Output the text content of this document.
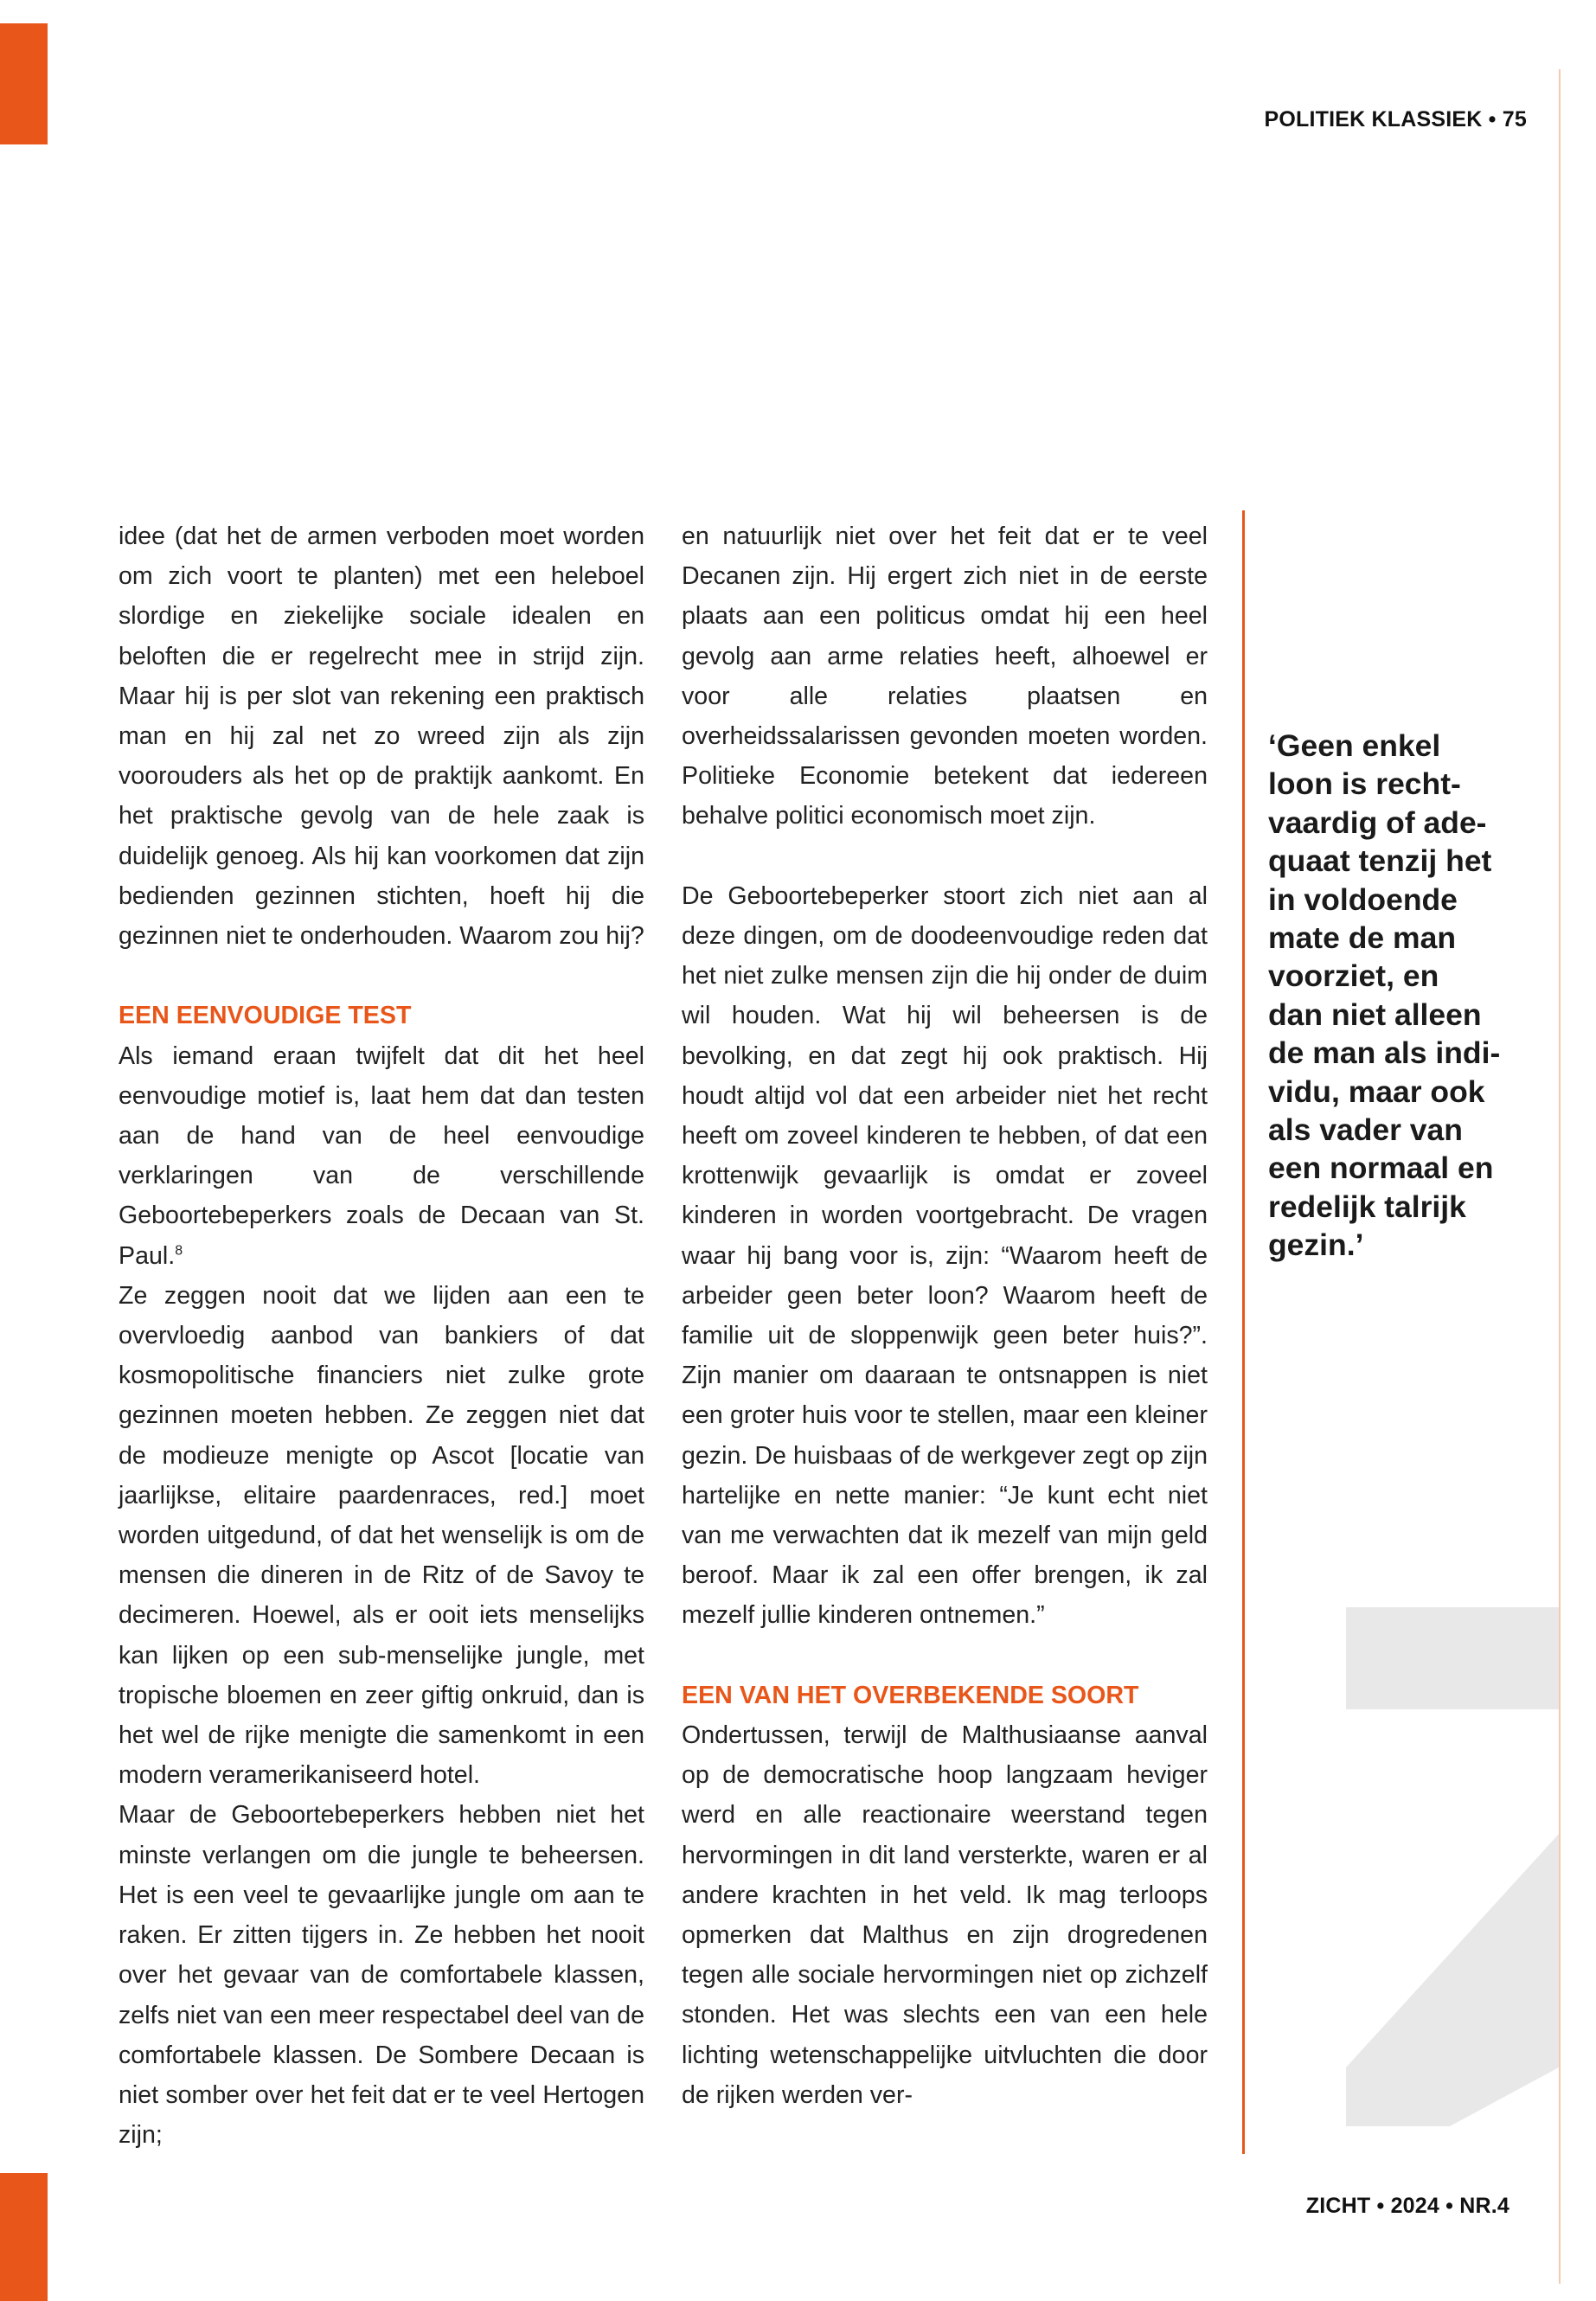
POLITIEK KLASSIEK • 75

idee (dat het de armen verboden moet worden om zich voort te planten) met een heleboel slordige en ziekelijke sociale idealen en beloften die er regelrecht mee in strijd zijn. Maar hij is per slot van rekening een praktisch man en hij zal net zo wreed zijn als zijn voorouders als het op de praktijk aankomt. En het praktische gevolg van de hele zaak is duidelijk genoeg. Als hij kan voorkomen dat zijn bedienden gezinnen stichten, hoeft hij die gezinnen niet te onderhouden. Waarom zou hij?

EEN EENVOUDIGE TEST

Als iemand eraan twijfelt dat dit het heel eenvoudige motief is, laat hem dat dan testen aan de hand van de heel eenvoudige verklaringen van de verschillende Geboortebeperkers zoals de Decaan van St. Paul.$^8$

Ze zeggen nooit dat we lijden aan een te overvloedig aanbod van bankiers of dat kosmopolitische financiers niet zulke grote gezinnen moeten hebben. Ze zeggen niet dat de modieuze menigte op Ascot [locatie van jaarlijkse, elitaire paardenraces, red.] moet worden uitgedund, of dat het wenselijk is om de mensen die dineren in de Ritz of de Savoy te decimeren. Hoewel, als er ooit iets menselijks kan lijken op een sub-menselijke jungle, met tropische bloemen en zeer giftig onkruid, dan is het wel de rijke menigte die samenkomt in een modern veramerikaniseerd hotel.

Maar de Geboortebeperkers hebben niet het minste verlangen om die jungle te beheersen. Het is een veel te gevaarlijke jungle om aan te raken. Er zitten tijgers in. Ze hebben het nooit over het gevaar van de comfortabele klassen, zelfs niet van een meer respectabel deel van de comfortabele klassen. De Sombere Decaan is niet somber over het feit dat er te veel Hertogen zijn;

en natuurlijk niet over het feit dat er te veel Decanen zijn. Hij ergert zich niet in de eerste plaats aan een politicus omdat hij een heel gevolg aan arme relaties heeft, alhoewel er voor alle relaties plaatsen en overheidssalarissen gevonden moeten worden. Politieke Economie betekent dat iedereen behalve politici economisch moet zijn.

De Geboortebeperker stoort zich niet aan al deze dingen, om de doodeenvoudige reden dat het niet zulke mensen zijn die hij onder de duim wil houden. Wat hij wil beheersen is de bevolking, en dat zegt hij ook praktisch. Hij houdt altijd vol dat een arbeider niet het recht heeft om zoveel kinderen te hebben, of dat een krottenwijk gevaarlijk is omdat er zoveel kinderen in worden voortgebracht. De vragen waar hij bang voor is, zijn: “Waarom heeft de arbeider geen beter loon? Waarom heeft de familie uit de sloppenwijk geen beter huis?”. Zijn manier om daaraan te ontsnappen is niet een groter huis voor te stellen, maar een kleiner gezin. De huisbaas of de werkgever zegt op zijn hartelijke en nette manier: “Je kunt echt niet van me verwachten dat ik mezelf van mijn geld beroof. Maar ik zal een offer brengen, ik zal mezelf jullie kinderen ontnemen.”

EEN VAN HET OVERBEKENDE SOORT

Ondertussen, terwijl de Malthusiaanse aanval op de democratische hoop langzaam heviger werd en alle reactionaire weerstand tegen hervormingen in dit land versterkte, waren er al andere krachten in het veld. Ik mag terloops opmerken dat Malthus en zijn drogredenen tegen alle sociale hervormingen niet op zichzelf stonden. Het was slechts een van een hele lichting wetenschappelijke uitvluchten die door de rijken werden ver-

‘Geen enkel
loon is recht-
vaardig of ade-
quaat tenzij het
in voldoende
mate de man
voorziet, en
dan niet alleen
de man als indi-
vidu, maar ook
als vader van
een normaal en
redelijk talrijk
gezin.’
ZICHT • 2024 • NR.4
